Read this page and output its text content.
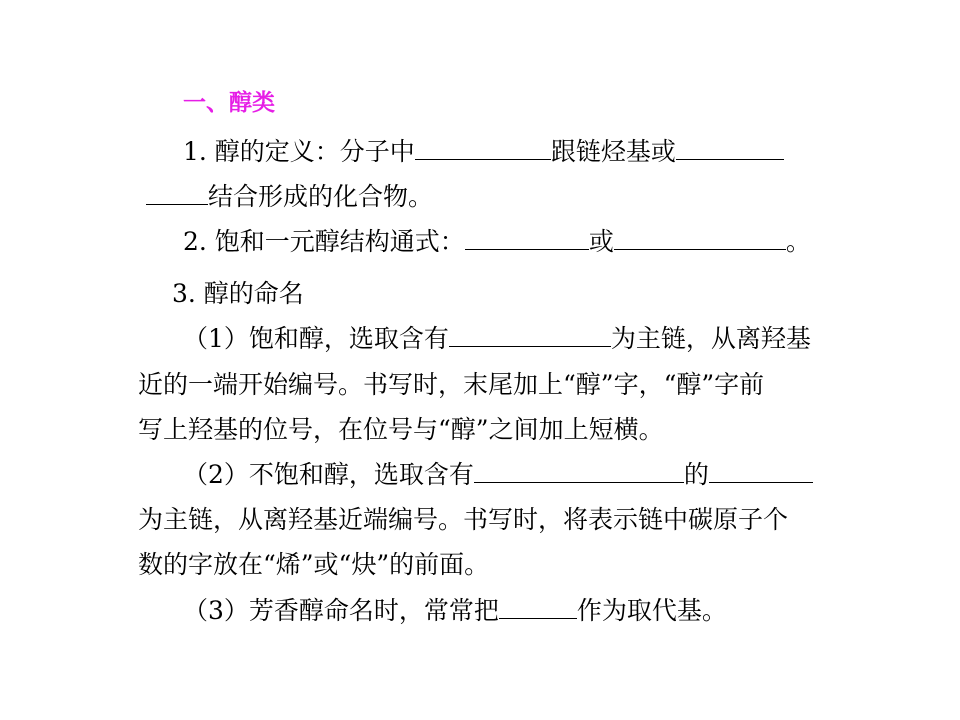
一、醇类
1. 醇的定义：分子中	跟链烃基或
结合形成的化合物。
2. 饱和一元醇结构通式：	或	。
3. 醇的命名
（1）饱和醇，选取含有	为主链，从离羟基
近的一端开始编号。书写时，末尾加上“醇”字，“醇”字前
写上羟基的位号，在位号与“醇”之间加上短横。
（2）不饱和醇，选取含有	的
为主链，从离羟基近端编号。书写时，将表示链中碳原子个
数的字放在“烯”或“炔”的前面。
（3）芳香醇命名时，常常把	作为取代基。
